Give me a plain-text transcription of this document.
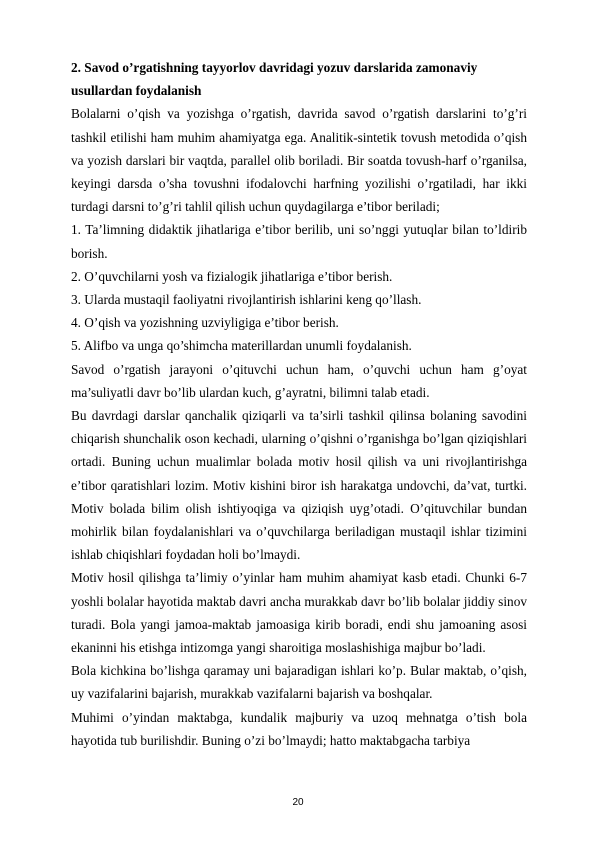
2. Savod o’rgatishning tayyorlov davridagi yozuv darslarida zamonaviy usullardan foydalanish

Bolalarni o’qish va yozishga o’rgatish, davrida savod o’rgatish darslarini to’g’ri tashkil etilishi ham muhim ahamiyatga ega. Analitik-sintetik tovush metodida o’qish va yozish darslari bir vaqtda, parallel olib boriladi. Bir soatda tovush-harf o’rganilsa, keyingi darsda o’sha tovushni ifodalovchi harfning yozilishi o’rgatiladi, har ikki turdagi darsni to’g’ri tahlil qilish uchun quydagilarga e’tibor beriladi;

1. Ta’limning didaktik jihatlariga e’tibor berilib, uni so’nggi yutuqlar bilan to’ldirib borish.

2. O’quvchilarni yosh va fizialogik jihatlariga e’tibor berish.

3. Ularda mustaqil faoliyatni rivojlantirish ishlarini keng qo’llash.

4. O’qish va yozishning uzviyligiga e’tibor berish.

5. Alifbo va unga qo’shimcha materillardan unumli foydalanish.

Savod o’rgatish jarayoni o’qituvchi uchun ham, o’quvchi uchun ham g’oyat ma’suliyatli davr bo’lib ulardan kuch, g’ayratni, bilimni talab etadi.

Bu davrdagi darslar qanchalik qiziqarli va ta’sirli tashkil qilinsa bolaning savodini chiqarish shunchalik oson kechadi, ularning o’qishni o’rganishga bo’lgan qiziqishlari ortadi. Buning uchun mualimlar bolada motiv hosil qilish va uni rivojlantirishga e’tibor qaratishlari lozim. Motiv kishini biror ish harakatga undovchi, da’vat, turtki. Motiv bolada bilim olish ishtiyoqiga va qiziqish uyg’otadi. O’qituvchilar bundan mohirlik bilan foydalanishlari va o’quvchilarga beriladigan mustaqil ishlar tizimini ishlab chiqishlari foydadan holi bo’lmaydi.

Motiv hosil qilishga ta’limiy o’yinlar ham muhim ahamiyat kasb etadi. Chunki 6-7 yoshli bolalar hayotida maktab davri ancha murakkab davr bo’lib bolalar jiddiy sinov turadi. Bola yangi jamoa-maktab jamoasiga kirib boradi, endi shu jamoaning asosi ekaninni his etishga intizomga yangi sharoitiga moslashishiga majbur bo’ladi.

Bola kichkina bo’lishga qaramay uni bajaradigan ishlari ko’p. Bular maktab, o’qish, uy vazifalarini bajarish, murakkab vazifalarni bajarish va boshqalar.

Muhimi o’yindan maktabga, kundalik majburiy va uzoq mehnatga o’tish bola hayotida tub burilishdir. Buning o’zi bo’lmaydi; hatto maktabgacha tarbiya

20
